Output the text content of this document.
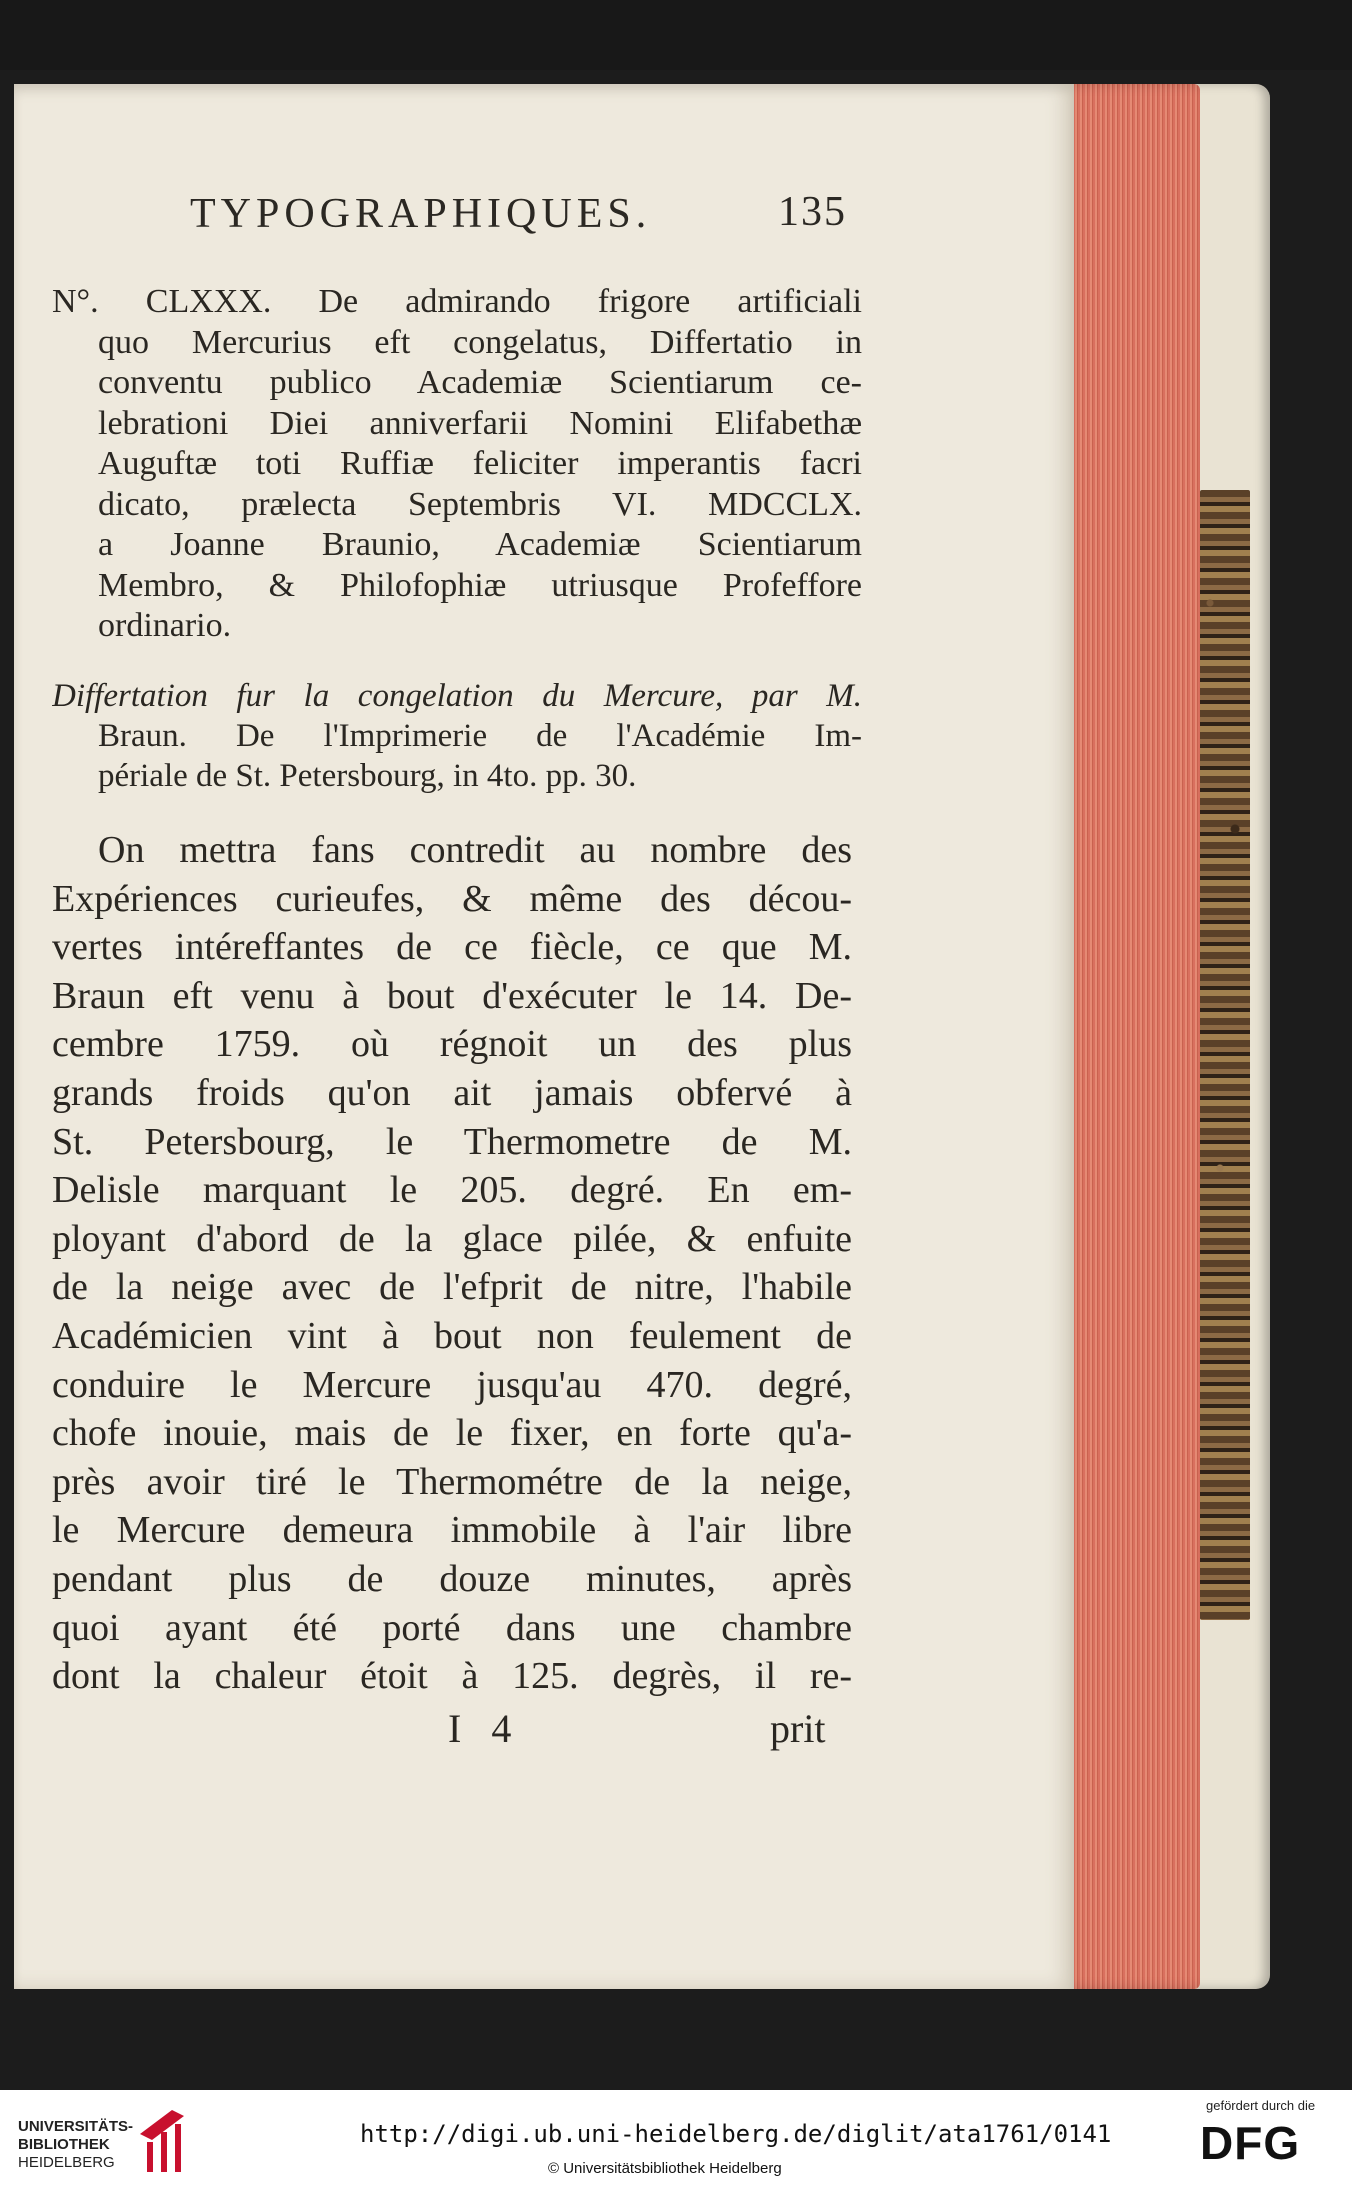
TYPOGRAPHIQUES.	135
N°. CLXXX. De admirando frigore artificiali
quo Mercurius eft congelatus, Differtatio in
conventu publico Academiæ Scientiarum ce-
lebrationi Diei anniverfarii Nomini Elifabethæ
Auguftæ toti Ruffiæ feliciter imperantis facri
dicato, prælecta Septembris VI. MDCCLX.
a Joanne Braunio, Academiæ Scientiarum
Membro, & Philofophiæ utriusque Profeffore
ordinario.
Differtation fur la congelation du Mercure, par M.
Braun. De l'Imprimerie de l'Académie Im-
périale de St. Petersbourg, in 4to. pp. 30.
On mettra fans contredit au nombre des
Expériences curieufes, & même des décou-
vertes intéreffantes de ce fiècle, ce que M.
Braun eft venu à bout d'exécuter le 14. De-
cembre 1759. où régnoit un des plus
grands froids qu'on ait jamais obfervé à
St. Petersbourg, le Thermometre de M.
Delisle marquant le 205. degré. En em-
ployant d'abord de la glace pilée, & enfuite
de la neige avec de l'efprit de nitre, l'habile
Académicien vint à bout non feulement de
conduire le Mercure jusqu'au 470. degré,
chofe inouie, mais de le fixer, en forte qu'a-
près avoir tiré le Thermométre de la neige,
le Mercure demeura immobile à l'air libre
pendant plus de douze minutes, après
quoi ayant été porté dans une chambre
dont la chaleur étoit à 125. degrès, il re-
I 4	prit
UNIVERSITÄTS-
BIBLIOTHEK
HEIDELBERG
http://digi.ub.uni-heidelberg.de/diglit/ata1761/0141
© Universitätsbibliothek Heidelberg
gefördert durch die
DFG
